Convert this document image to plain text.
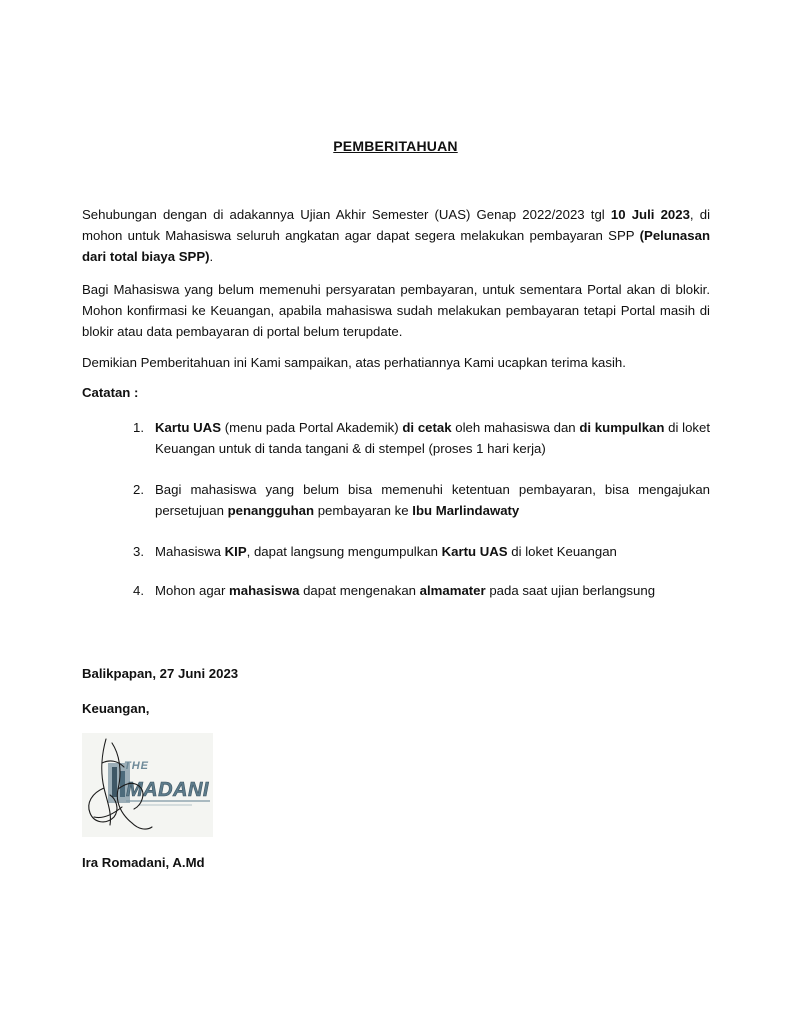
PEMBERITAHUAN
Sehubungan dengan di adakannya Ujian Akhir Semester (UAS) Genap 2022/2023 tgl 10 Juli 2023, di mohon untuk Mahasiswa seluruh angkatan agar dapat segera melakukan pembayaran SPP (Pelunasan dari total biaya SPP).
Bagi Mahasiswa yang belum memenuhi persyaratan pembayaran, untuk sementara Portal akan di blokir. Mohon konfirmasi ke Keuangan, apabila mahasiswa sudah melakukan pembayaran tetapi Portal masih di blokir atau data pembayaran di portal belum terupdate.
Demikian Pemberitahuan ini Kami sampaikan, atas perhatiannya Kami ucapkan terima kasih.
Catatan :
1. Kartu UAS (menu pada Portal Akademik) di cetak oleh mahasiswa dan di kumpulkan di loket Keuangan untuk di tanda tangani & di stempel (proses 1 hari kerja)
2. Bagi mahasiswa yang belum bisa memenuhi ketentuan pembayaran, bisa mengajukan persetujuan penangguhan pembayaran ke Ibu Marlindawaty
3. Mahasiswa KIP, dapat langsung mengumpulkan Kartu UAS di loket Keuangan
4. Mohon agar mahasiswa dapat mengenakan almamater pada saat ujian berlangsung
Balikpapan, 27 Juni 2023
Keuangan,
THE
MADANI
Ira Romadani, A.Md
